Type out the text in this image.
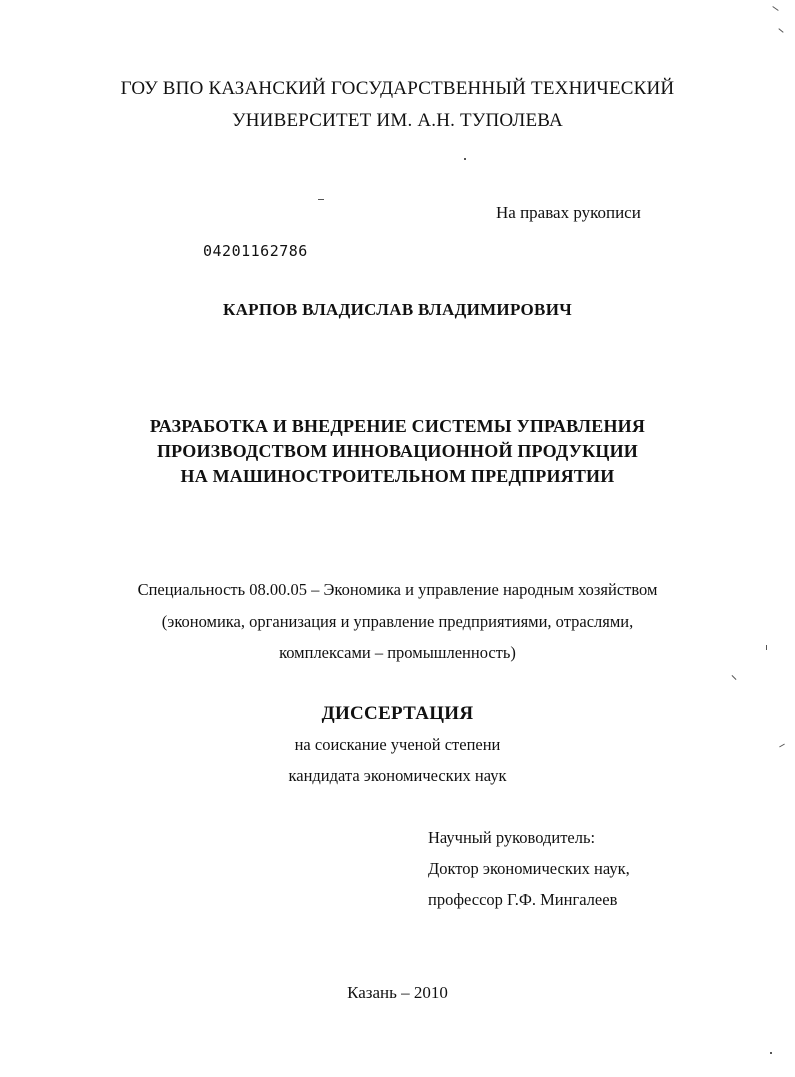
ГОУ ВПО КАЗАНСКИЙ ГОСУДАРСТВЕННЫЙ ТЕХНИЧЕСКИЙ
УНИВЕРСИТЕТ ИМ. А.Н. ТУПОЛЕВА
На правах рукописи
04201162786
КАРПОВ ВЛАДИСЛАВ ВЛАДИМИРОВИЧ
РАЗРАБОТКА И ВНЕДРЕНИЕ СИСТЕМЫ УПРАВЛЕНИЯ
ПРОИЗВОДСТВОМ ИННОВАЦИОННОЙ ПРОДУКЦИИ
НА МАШИНОСТРОИТЕЛЬНОМ ПРЕДПРИЯТИИ
Специальность 08.00.05 – Экономика и управление народным хозяйством
(экономика, организация и управление предприятиями, отраслями,
комплексами – промышленность)
ДИССЕРТАЦИЯ
на соискание ученой степени
кандидата экономических наук
Научный руководитель:
Доктор экономических наук,
профессор Г.Ф. Мингалеев
Казань – 2010
